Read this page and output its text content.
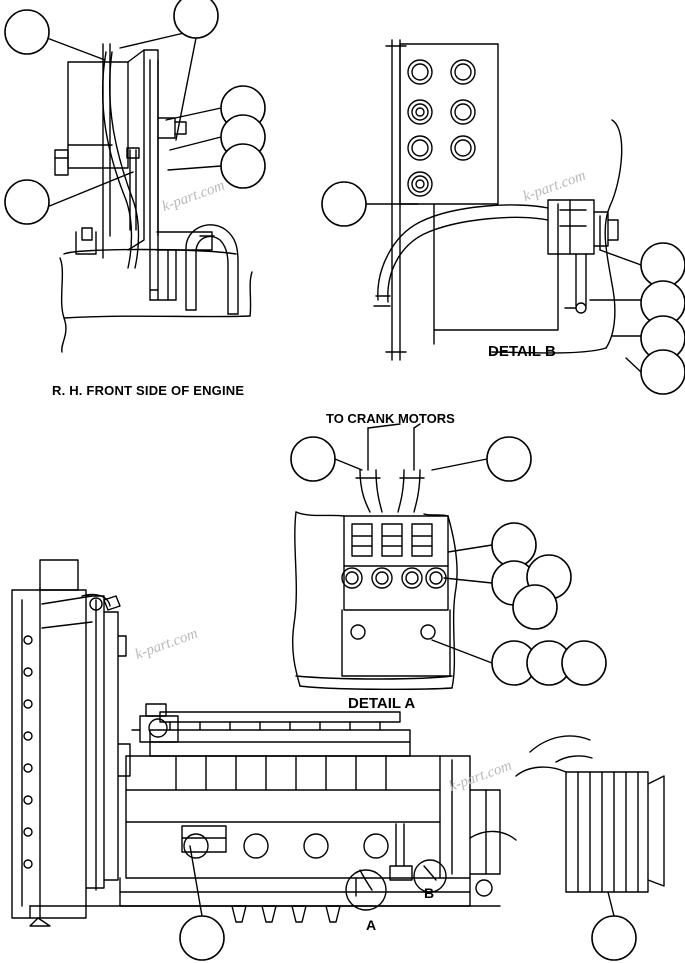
R. H. FRONT SIDE OF ENGINE
DETAIL B
DETAIL A
TO CRANK MOTORS
A
B
k-part.com	k-part.com
k-part.com
k-part.com
